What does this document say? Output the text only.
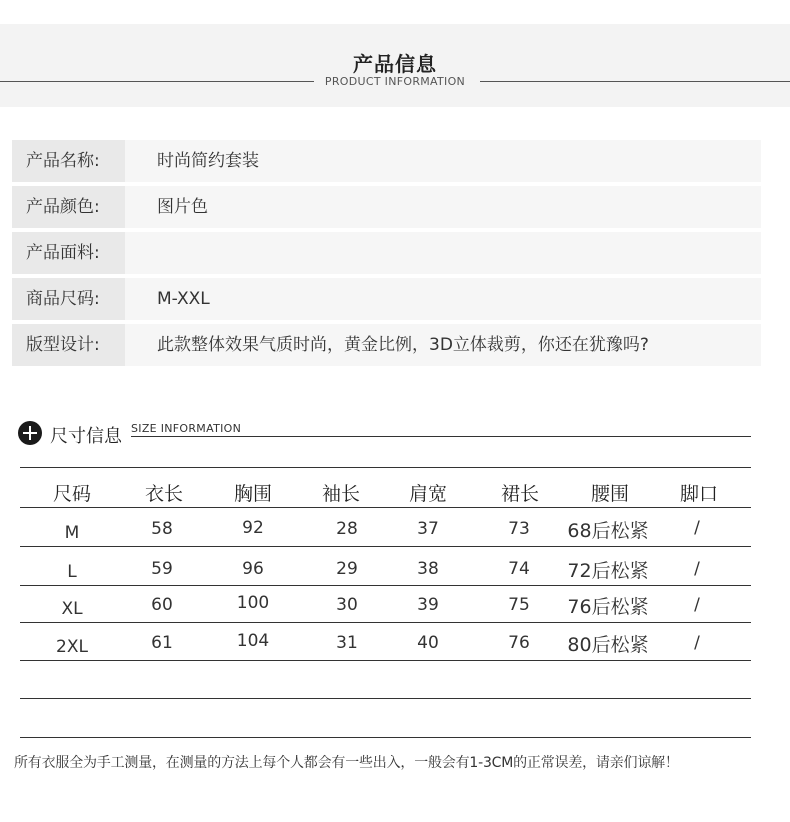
产品信息
PRODUCT INFORMATION
产品名称:	时尚简约套装
产品颜色:	图片色
产品面料:
商品尺码:	M-XXL
版型设计:	此款整体效果气质时尚，黄金比例，3D立体裁剪，你还在犹豫吗?
尺寸信息 SIZE INFORMATION
尺码	衣长	胸围	袖长	肩宽	裙长	腰围	脚口
M	58	92	28	37	73	68后松紧	/
L	59	96	29	38	74	72后松紧	/
XL	60	100	30	39	75	76后松紧	/
2XL	61	104	31	40	76	80后松紧	/
所有衣服全为手工测量，在测量的方法上每个人都会有一些出入，一般会有1-3CM的正常误差，请亲们谅解！
